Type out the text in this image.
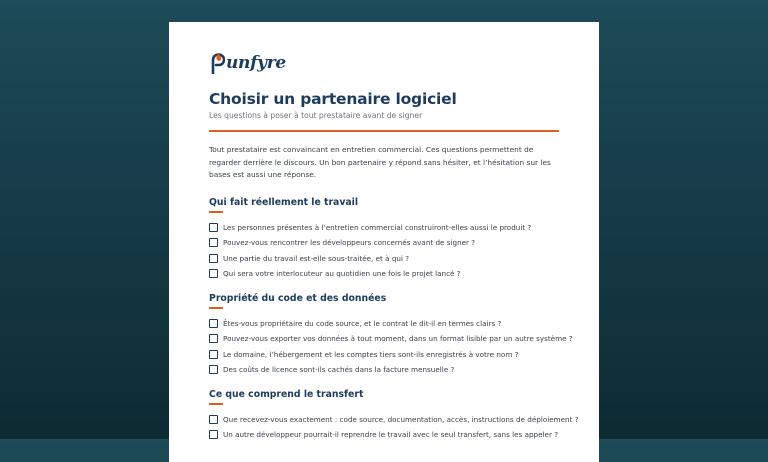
unfyre
Choisir un partenaire logiciel

Les questions à poser à tout prestataire avant de signer

Tout prestataire est convaincant en entretien commercial. Ces questions permettent de regarder derrière le discours. Un bon partenaire y répond sans hésiter, et l’hésitation sur les bases est aussi une réponse.

Qui fait réellement le travail
Les personnes présentes à l’entretien commercial construiront-elles aussi le produit ?
Pouvez-vous rencontrer les développeurs concernés avant de signer ?
Une partie du travail est-elle sous-traitée, et à qui ?
Qui sera votre interlocuteur au quotidien une fois le projet lancé ?
Propriété du code et des données
Êtes-vous propriétaire du code source, et le contrat le dit-il en termes clairs ?
Pouvez-vous exporter vos données à tout moment, dans un format lisible par un autre système ?
Le domaine, l’hébergement et les comptes tiers sont-ils enregistrés à votre nom ?
Des coûts de licence sont-ils cachés dans la facture mensuelle ?
Ce que comprend le transfert
Que recevez-vous exactement : code source, documentation, accès, instructions de déploiement ?
Un autre développeur pourrait-il reprendre le travail avec le seul transfert, sans les appeler ?
